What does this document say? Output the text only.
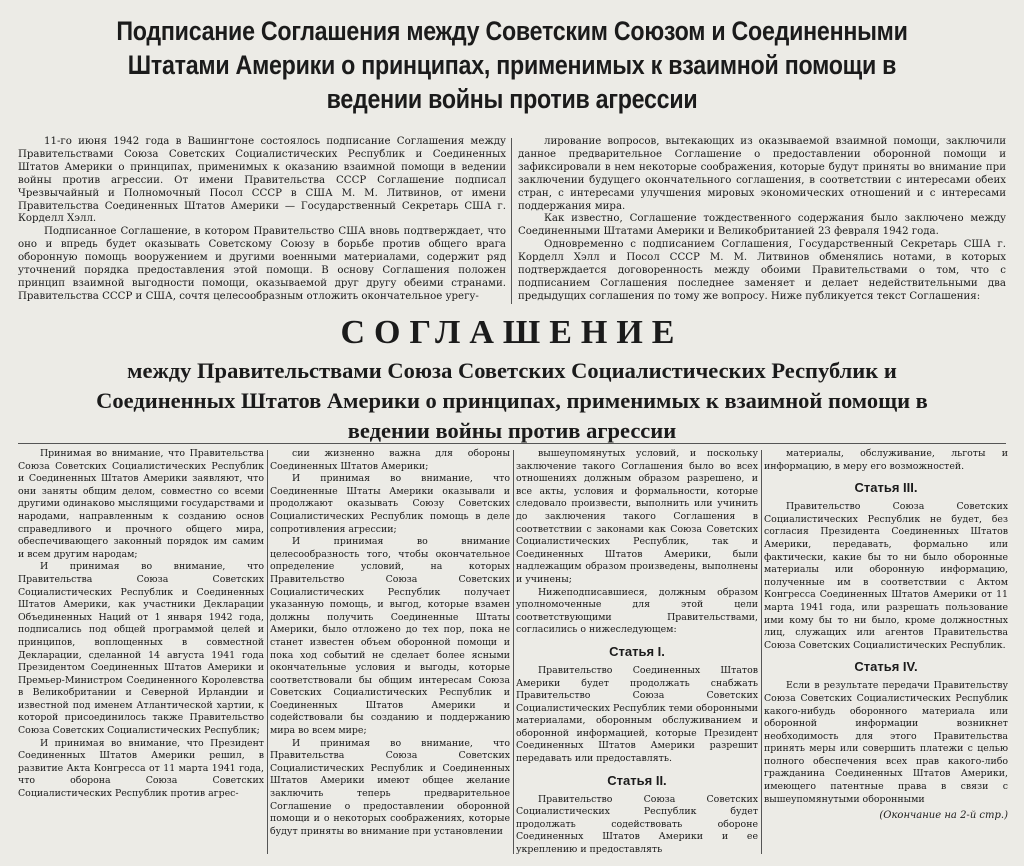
Подписание Соглашения между Советским Союзом и Соединенными Штатами Америки о принципах, применимых к взаимной помощи в ведении войны против агрессии

11-го июня 1942 года в Вашингтоне состоялось подписание Соглашения между Правительствами Союза Советских Социалистических Республик и Соединенных Штатов Америки о принципах, применимых к оказанию взаимной помощи в ведении войны против агрессии. От имени Правительства СССР Соглашение подписал Чрезвычайный и Полномочный Посол СССР в США М. М. Литвинов, от имени Правительства Соединенных Штатов Америки — Государственный Секретарь США г. Корделл Хэлл.

Подписанное Соглашение, в котором Правительство США вновь подтверждает, что оно и впредь будет оказывать Советскому Союзу в борьбе против общего врага оборонную помощь вооружением и другими военными материалами, содержит ряд уточнений порядка предоставления этой помощи. В основу Соглашения положен принцип взаимной выгодности помощи, оказываемой друг другу обеими странами. Правительства СССР и США, сочтя целесообразным отложить окончательное урегу-

лирование вопросов, вытекающих из оказываемой взаимной помощи, заключили данное предварительное Соглашение о предоставлении оборонной помощи и зафиксировали в нем некоторые соображения, которые будут приняты во внимание при заключении будущего окончательного соглашения, в соответствии с интересами обеих стран, с интересами улучшения мировых экономических отношений и с интересами поддержания мира.

Как известно, Соглашение тождественного содержания было заключено между Соединенными Штатами Америки и Великобританией 23 февраля 1942 года.

Одновременно с подписанием Соглашения, Государственный Секретарь США г. Корделл Хэлл и Посол СССР М. М. Литвинов обменялись нотами, в которых подтверждается договоренность между обоими Правительствами о том, что с подписанием Соглашения последнее заменяет и делает недействительными два предыдущих соглашения по тому же вопросу. Ниже публикуется текст Соглашения:

СОГЛАШЕНИЕ
между Правительствами Союза Советских Социалистических Республик и Соединенных Штатов Америки о принципах, применимых к взаимной помощи в ведении войны против агрессии

Принимая во внимание, что Правительства Союза Советских Социалистических Республик и Соединенных Штатов Америки заявляют, что они заняты общим делом, совместно со всеми другими одинаково мыслящими государствами и народами, направленным к созданию основ справедливого и прочного общего мира, обеспечивающего законный порядок им самим и всем другим народам;

И принимая во внимание, что Правительства Союза Советских Социалистических Республик и Соединенных Штатов Америки, как участники Декларации Объединенных Наций от 1 января 1942 года, подписались под общей программой целей и принципов, воплощенных в совместной Декларации, сделанной 14 августа 1941 года Президентом Соединенных Штатов Америки и Премьер-Министром Соединенного Королевства в Великобритании и Северной Ирландии и известной под именем Атлантической хартии, к которой присоединилось также Правительство Союза Советских Социалистических Республик;

И принимая во внимание, что Президент Соединенных Штатов Америки решил, в развитие Акта Конгресса от 11 марта 1941 года, что оборона Союза Советских Социалистических Республик против агрес-

сии жизненно важна для обороны Соединенных Штатов Америки;

И принимая во внимание, что Соединенные Штаты Америки оказывали и продолжают оказывать Союзу Советских Социалистических Республик помощь в деле сопротивления агрессии;

И принимая во внимание целесообразность того, чтобы окончательное определение условий, на которых Правительство Союза Советских Социалистических Республик получает указанную помощь, и выгод, которые взамен должны получить Соединенные Штаты Америки, было отложено до тех пор, пока не станет известен объем оборонной помощи и пока ход событий не сделает более ясными окончательные условия и выгоды, которые соответствовали бы общим интересам Союза Советских Социалистических Республик и Соединенных Штатов Америки и содействовали бы созданию и поддержанию мира во всем мире;

И принимая во внимание, что Правительства Союза Советских Социалистических Республик и Соединенных Штатов Америки имеют общее желание заключить теперь предварительное Соглашение о предоставлении оборонной помощи и о некоторых соображениях, которые будут приняты во внимание при установлении

вышеупомянутых условий, и поскольку заключение такого Соглашения было во всех отношениях должным образом разрешено, и все акты, условия и формальности, которые следовало произвести, выполнить или учинить до заключения такого Соглашения в соответствии с законами как Союза Советских Социалистических Республик, так и Соединенных Штатов Америки, были надлежащим образом произведены, выполнены и учинены;

Нижеподписавшиеся, должным образом уполномоченные для этой цели соответствующими Правительствами, согласились о нижеследующем:

Статья I.

Правительство Соединенных Штатов Америки будет продолжать снабжать Правительство Союза Советских Социалистических Республик теми оборонными материалами, оборонным обслуживанием и оборонной информацией, которые Президент Соединенных Штатов Америки разрешит передавать или предоставлять.

Статья II.

Правительство Союза Советских Социалистических Республик будет продолжать содействовать обороне Соединенных Штатов Америки и ее укреплению и предоставлять

материалы, обслуживание, льготы и информацию, в меру его возможностей.

Статья III.

Правительство Союза Советских Социалистических Республик не будет, без согласия Президента Соединенных Штатов Америки, передавать, формально или фактически, какие бы то ни было оборонные материалы или оборонную информацию, полученные им в соответствии с Актом Конгресса Соединенных Штатов Америки от 11 марта 1941 года, или разрешать пользование ими кому бы то ни было, кроме должностных лиц, служащих или агентов Правительства Союза Советских Социалистических Республик.

Статья IV.

Если в результате передачи Правительству Союза Советских Социалистических Республик какого-нибудь оборонного материала или оборонной информации возникнет необходимость для этого Правительства принять меры или совершить платежи с целью полного обеспечения всех прав какого-либо гражданина Соединенных Штатов Америки, имеющего патентные права в связи с вышеупомянутыми оборонными

(Окончание на 2-й стр.)
